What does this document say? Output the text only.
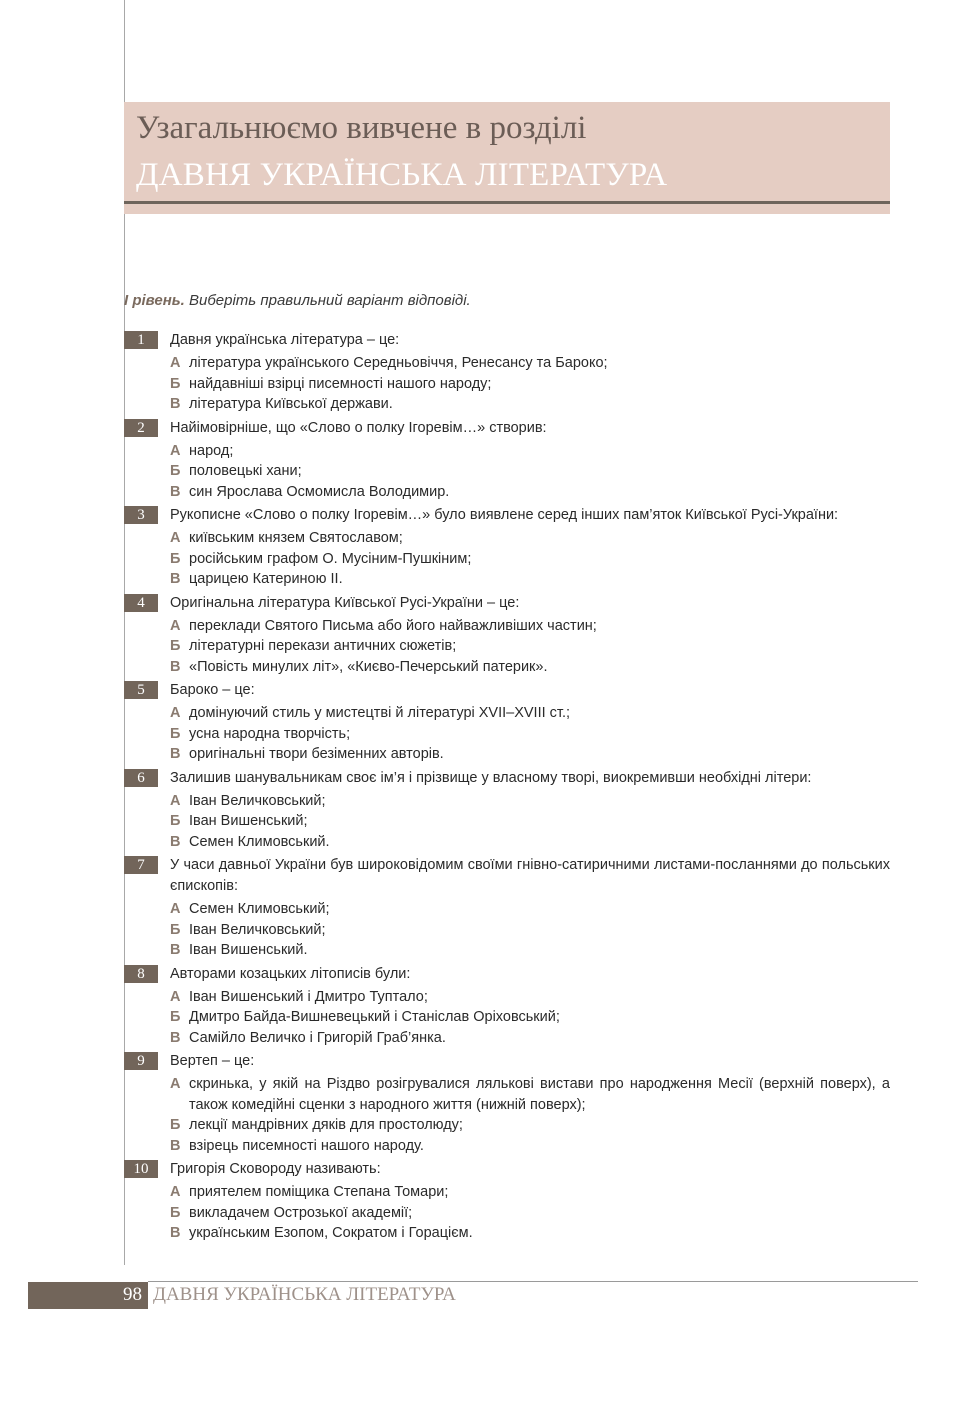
Узагальнюємо вивчене в розділі
ДАВНЯ УКРАЇНСЬКА ЛІТЕРАТУРА
I рівень. Виберіть правильний варіант відповіді.
1	Давня українська література – це:
А література українського Середньовіччя, Ренесансу та Бароко;
Б найдавніші взірці писемності нашого народу;
В література Київської держави.
2	Найімовірніше, що «Слово о полку Ігоревім…» створив:
А народ;
Б половецькі хани;
В син Ярослава Осмомисла Володимир.
3	Рукописне «Слово о полку Ігоревім…» було виявлене серед інших пам’яток Київської Русі-України:
А київським князем Святославом;
Б російським графом О. Мусіним-Пушкіним;
В царицею Катериною II.
4	Оригінальна література Київської Русі-України – це:
А переклади Святого Письма або його найважливіших частин;
Б літературні перекази античних сюжетів;
В «Повість минулих літ», «Києво-Печерський патерик».
5	Бароко – це:
А домінуючий стиль у мистецтві й літературі XVII–XVIII ст.;
Б усна народна творчість;
В оригінальні твори безіменних авторів.
6	Залишив шанувальникам своє ім’я і прізвище у власному творі, виокремивши необхідні літери:
А Іван Величковський;
Б Іван Вишенський;
В Семен Климовський.
7	У часи давньої України був широковідомим своїми гнівно-сатиричними листами-посланнями до польських єпископів:
А Семен Климовський;
Б Іван Величковський;
В Іван Вишенський.
8	Авторами козацьких літописів були:
А Іван Вишенський і Дмитро Туптало;
Б Дмитро Байда-Вишневецький і Станіслав Оріховський;
В Самійло Величко і Григорій Граб’янка.
9	Вертеп – це:
А скринька, у якій на Різдво розігрувалися лялькові вистави про народження Месії (верхній поверх), а також комедійні сценки з народного життя (нижній поверх);
Б лекції мандрівних дяків для простолюду;
В взірець писемності нашого народу.
10	Григорія Сковороду називають:
А приятелем поміщика Степана Томари;
Б викладачем Острозької академії;
В українським Езопом, Сократом і Горацієм.
98 ДАВНЯ УКРАЇНСЬКА ЛІТЕРАТУРА
